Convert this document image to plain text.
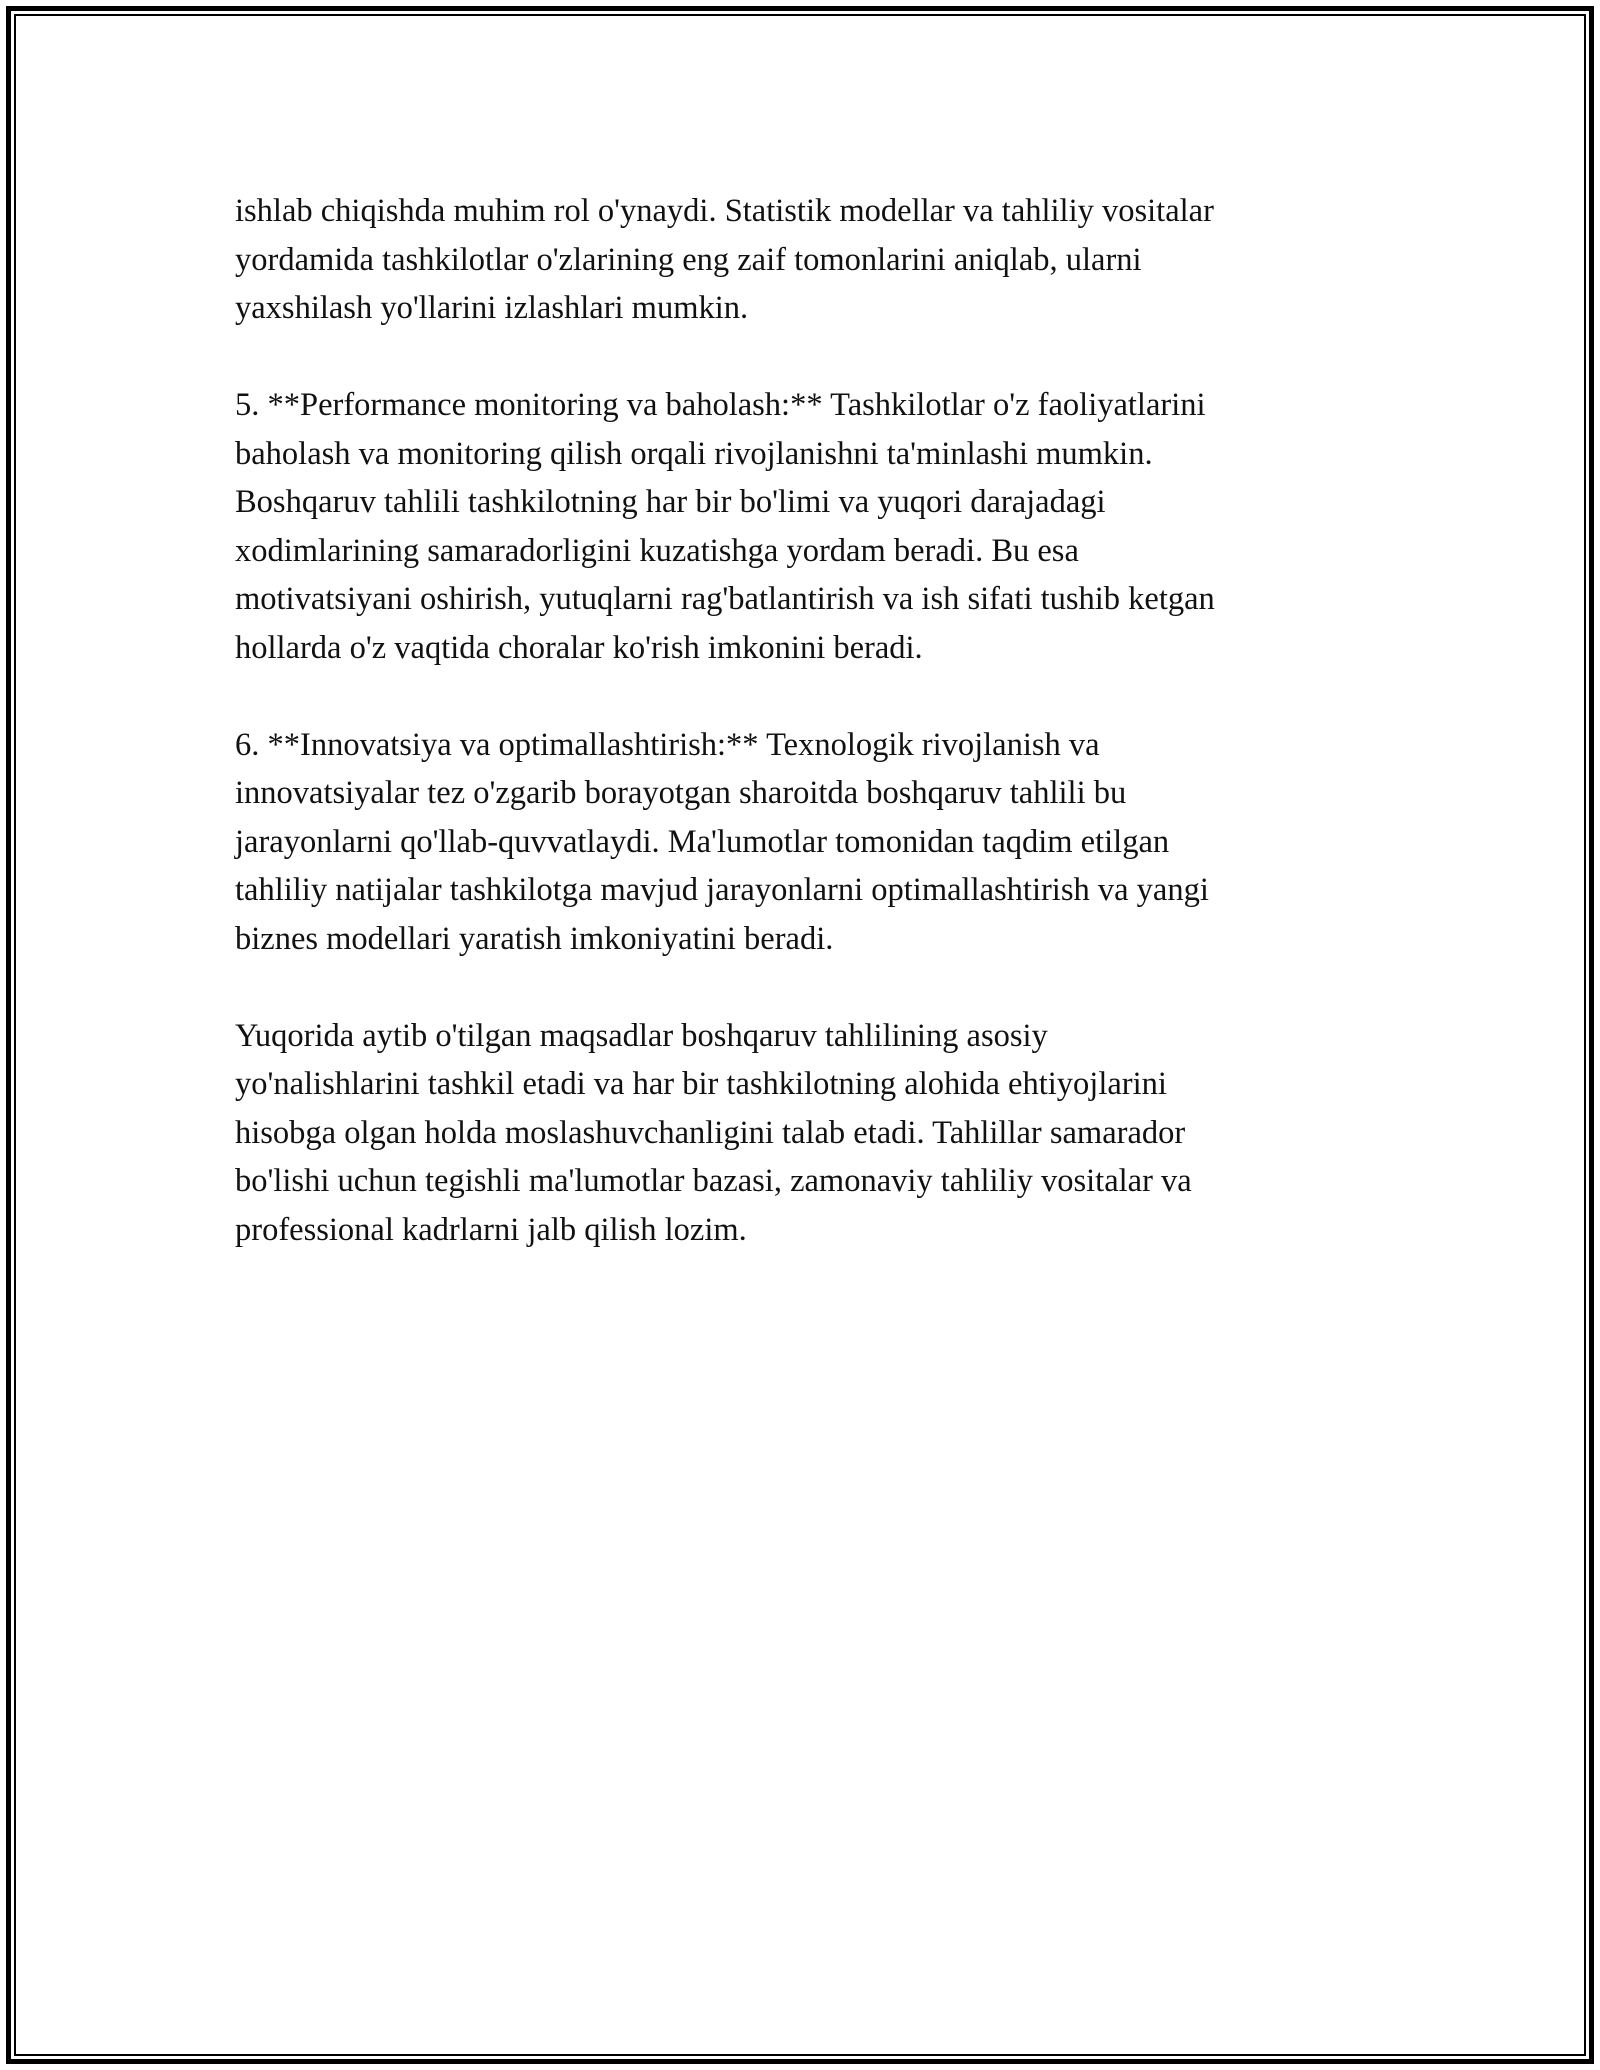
ishlab chiqishda muhim rol o'ynaydi. Statistik modellar va tahliliy vositalar
yordamida tashkilotlar o'zlarining eng zaif tomonlarini aniqlab, ularni
yaxshilash yo'llarini izlashlari mumkin.

5. **Performance monitoring va baholash:** Tashkilotlar o'z faoliyatlarini
baholash va monitoring qilish orqali rivojlanishni ta'minlashi mumkin.
Boshqaruv tahlili tashkilotning har bir bo'limi va yuqori darajadagi
xodimlarining samaradorligini kuzatishga yordam beradi. Bu esa
motivatsiyani oshirish, yutuqlarni rag'batlantirish va ish sifati tushib ketgan
hollarda o'z vaqtida choralar ko'rish imkonini beradi.

6. **Innovatsiya va optimallashtirish:** Texnologik rivojlanish va
innovatsiyalar tez o'zgarib borayotgan sharoitda boshqaruv tahlili bu
jarayonlarni qo'llab-quvvatlaydi. Ma'lumotlar tomonidan taqdim etilgan
tahliliy natijalar tashkilotga mavjud jarayonlarni optimallashtirish va yangi
biznes modellari yaratish imkoniyatini beradi.

Yuqorida aytib o'tilgan maqsadlar boshqaruv tahlilining asosiy
yo'nalishlarini tashkil etadi va har bir tashkilotning alohida ehtiyojlarini
hisobga olgan holda moslashuvchanligini talab etadi. Tahlillar samarador
bo'lishi uchun tegishli ma'lumotlar bazasi, zamonaviy tahliliy vositalar va
professional kadrlarni jalb qilish lozim.
